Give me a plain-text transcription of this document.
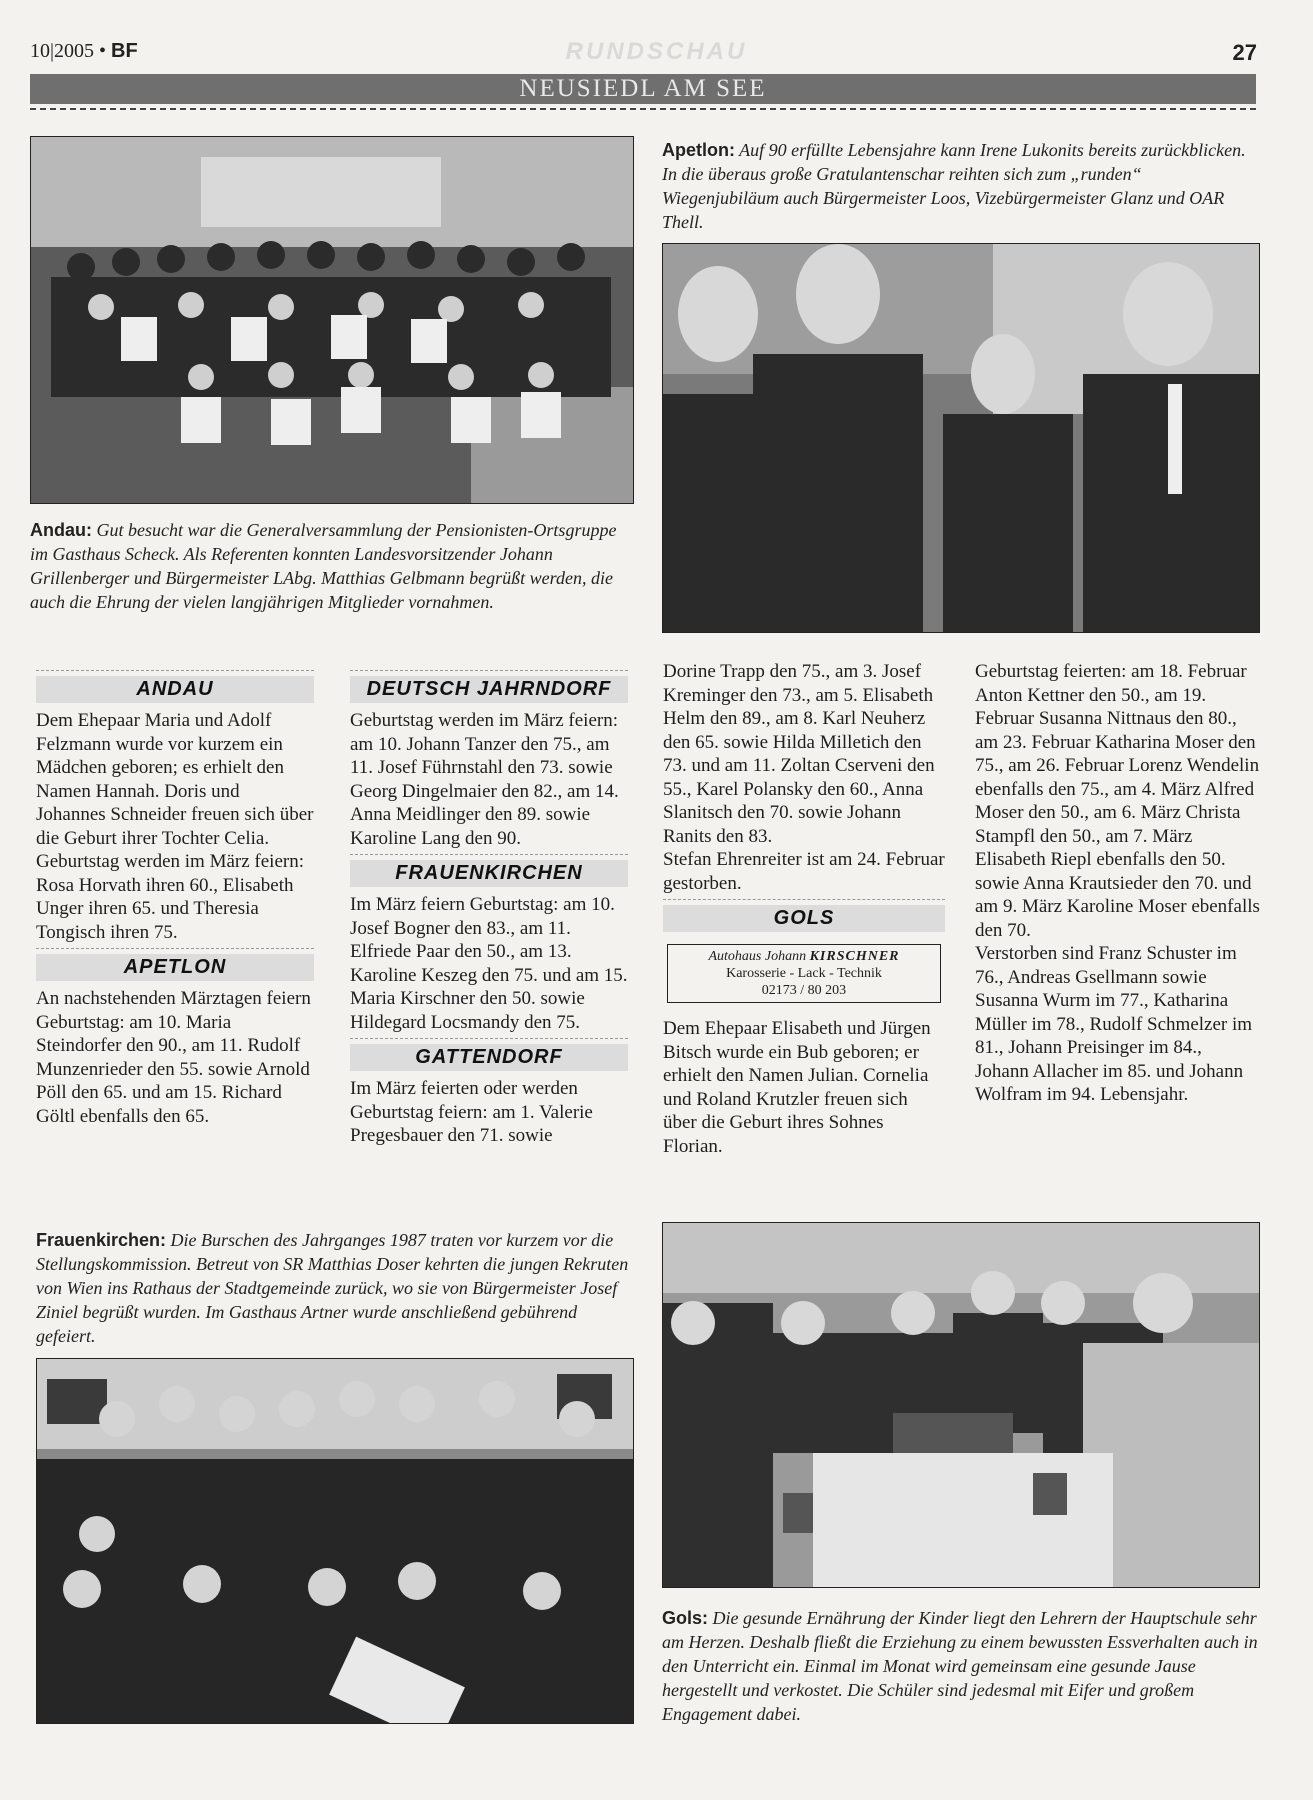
10|2005 • BF	RUNDSCHAU	27
NEUSIEDL AM SEE
Andau: Gut besucht war die Generalversammlung der Pensionisten-Ortsgruppe im Gasthaus Scheck. Als Referenten konnten Landesvorsitzender Johann Grillenberger und Bürgermeister LAbg. Matthias Gelbmann begrüßt werden, die auch die Ehrung der vielen langjährigen Mitglieder vornahmen.
Apetlon: Auf 90 erfüllte Lebensjahre kann Irene Lukonits bereits zurückblicken. In die überaus große Gratulantenschar reihten sich zum „runden“ Wiegenjubiläum auch Bürgermeister Loos, Vizebürgermeister Glanz und OAR Thell.
ANDAU

Dem Ehepaar Maria und Adolf Felzmann wurde vor kurzem ein Mädchen geboren; es erhielt den Namen Hannah. Doris und Johannes Schneider freuen sich über die Geburt ihrer Tochter Celia.

Geburtstag werden im März feiern: Rosa Horvath ihren 60., Elisabeth Unger ihren 65. und Theresia Tongisch ihren 75.

APETLON

An nachstehenden Märztagen feiern Geburtstag: am 10. Maria Steindorfer den 90., am 11. Rudolf Munzenrieder den 55. sowie Arnold Pöll den 65. und am 15. Richard Göltl ebenfalls den 65.

DEUTSCH JAHRNDORF

Geburtstag werden im März feiern: am 10. Johann Tanzer den 75., am 11. Josef Führnstahl den 73. sowie Georg Dingelmaier den 82., am 14. Anna Meidlinger den 89. sowie Karoline Lang den 90.

FRAUENKIRCHEN

Im März feiern Geburtstag: am 10. Josef Bogner den 83., am 11. Elfriede Paar den 50., am 13. Karoline Keszeg den 75. und am 15. Maria Kirschner den 50. sowie Hildegard Locsmandy den 75.

GATTENDORF

Im März feierten oder werden Geburtstag feiern: am 1. Valerie Pregesbauer den 71. sowie

Dorine Trapp den 75., am 3. Josef Kreminger den 73., am 5. Elisabeth Helm den 89., am 8. Karl Neuherz den 65. sowie Hilda Milletich den 73. und am 11. Zoltan Cserveni den 55., Karel Polansky den 60., Anna Slanitsch den 70. sowie Johann Ranits den 83.

Stefan Ehrenreiter ist am 24. Februar gestorben.

GOLS
Autohaus Johann KIRSCHNER
Karosserie - Lack - Technik
02173 / 80 203

Dem Ehepaar Elisabeth und Jürgen Bitsch wurde ein Bub geboren; er erhielt den Namen Julian. Cornelia und Roland Krutzler freuen sich über die Geburt ihres Sohnes Florian.

Geburtstag feierten: am 18. Februar Anton Kettner den 50., am 19. Februar Susanna Nittnaus den 80., am 23. Februar Katharina Moser den 75., am 26. Februar Lorenz Wendelin ebenfalls den 75., am 4. März Alfred Moser den 50., am 6. März Christa Stampfl den 50., am 7. März Elisabeth Riepl ebenfalls den 50. sowie Anna Krautsieder den 70. und am 9. März Karoline Moser ebenfalls den 70.

Verstorben sind Franz Schuster im 76., Andreas Gsellmann sowie Susanna Wurm im 77., Katharina Müller im 78., Rudolf Schmelzer im 81., Johann Preisinger im 84., Johann Allacher im 85. und Johann Wolfram im 94. Lebensjahr.

Frauenkirchen: Die Burschen des Jahrganges 1987 traten vor kurzem vor die Stellungskommission. Betreut von SR Matthias Doser kehrten die jungen Rekruten von Wien ins Rathaus der Stadtgemeinde zurück, wo sie von Bürgermeister Josef Ziniel begrüßt wurden. Im Gasthaus Artner wurde anschließend gebührend gefeiert.
Gols: Die gesunde Ernährung der Kinder liegt den Lehrern der Hauptschule sehr am Herzen. Deshalb fließt die Erziehung zu einem bewussten Essverhalten auch in den Unterricht ein. Einmal im Monat wird gemeinsam eine gesunde Jause hergestellt und verkostet. Die Schüler sind jedesmal mit Eifer und großem Engagement dabei.
